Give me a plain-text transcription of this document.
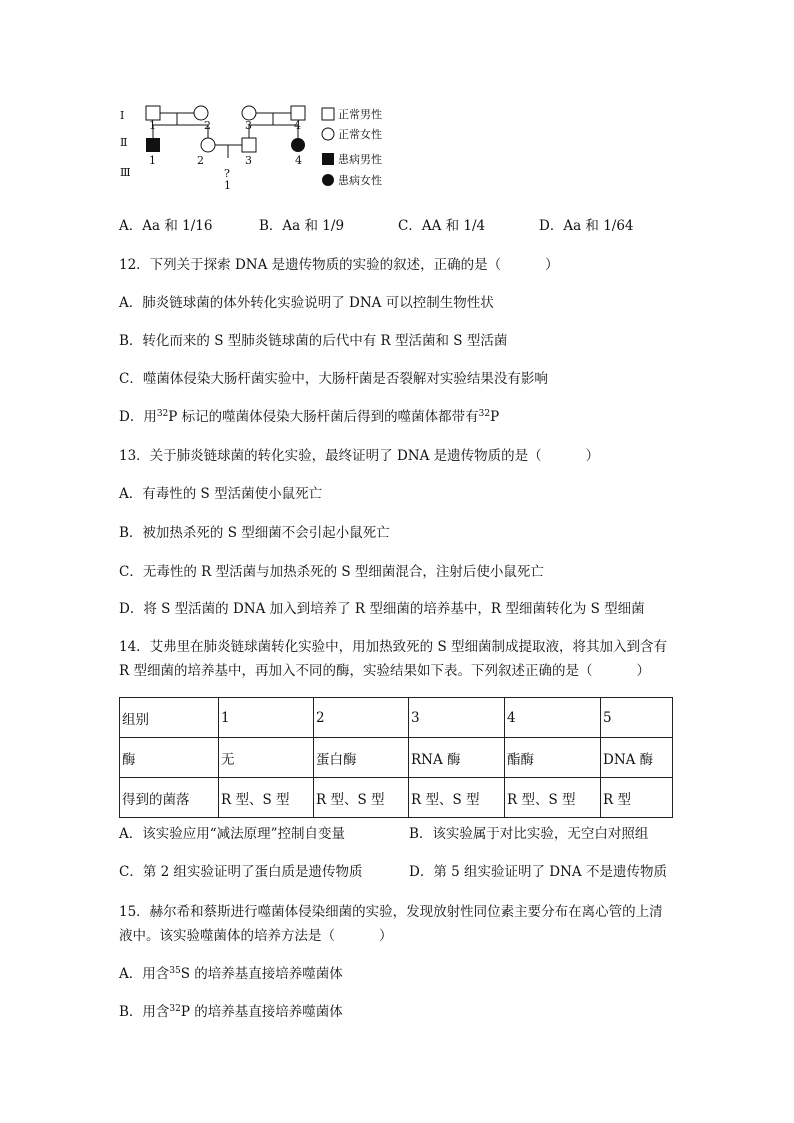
I
Ⅱ
Ⅲ
1	2	3	4
1	2	3	4
?
1
正常男性
正常女性
患病男性
患病女性
A．Aa 和 1/16	B．Aa 和 1/9	C．AA 和 1/4	D．Aa 和 1/64
12．下列关于探索 DNA 是遗传物质的实验的叙述，正确的是（	）
A．肺炎链球菌的体外转化实验说明了 DNA 可以控制生物性状
B．转化而来的 S 型肺炎链球菌的后代中有 R 型活菌和 S 型活菌
C．噬菌体侵染大肠杆菌实验中，大肠杆菌是否裂解对实验结果没有影响
D．用$^{32}$P 标记的噬菌体侵染大肠杆菌后得到的噬菌体都带有$^{32}$P
13．关于肺炎链球菌的转化实验，最终证明了 DNA 是遗传物质的是（	）
A．有毒性的 S 型活菌使小鼠死亡
B．被加热杀死的 S 型细菌不会引起小鼠死亡
C．无毒性的 R 型活菌与加热杀死的 S 型细菌混合，注射后使小鼠死亡
D．将 S 型活菌的 DNA 加入到培养了 R 型细菌的培养基中，R 型细菌转化为 S 型细菌
14．艾弗里在肺炎链球菌转化实验中，用加热致死的 S 型细菌制成提取液，将其加入到含有
R 型细菌的培养基中，再加入不同的酶，实验结果如下表。下列叙述正确的是（	）
组别	1	2	3	4	5
酶	无	蛋白酶	RNA 酶	酯酶	DNA 酶
得到的菌落	R 型、S 型	R 型、S 型	R 型、S 型	R 型、S 型	R 型
A．该实验应用“减法原理”控制自变量	B．该实验属于对比实验，无空白对照组
C．第 2 组实验证明了蛋白质是遗传物质	D．第 5 组实验证明了 DNA 不是遗传物质
15．赫尔希和蔡斯进行噬菌体侵染细菌的实验，发现放射性同位素主要分布在离心管的上清
液中。该实验噬菌体的培养方法是（	）
A．用含$^{35}$S 的培养基直接培养噬菌体
B．用含$^{32}$P 的培养基直接培养噬菌体
